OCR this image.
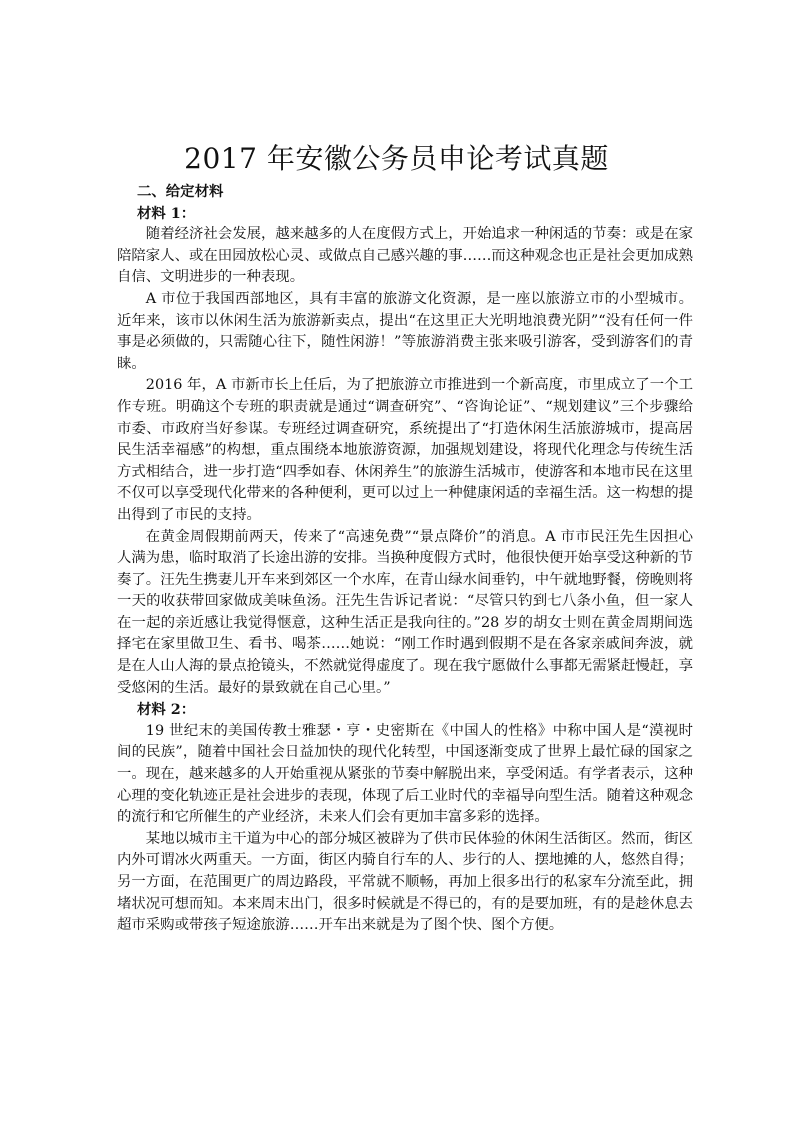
2017 年安徽公务员申论考试真题

二、给定材料

材料 1：

随着经济社会发展，越来越多的人在度假方式上，开始追求一种闲适的节奏：或是在家陪陪家人、或在田园放松心灵、或做点自己感兴趣的事……而这种观念也正是社会更加成熟自信、文明进步的一种表现。

A 市位于我国西部地区，具有丰富的旅游文化资源，是一座以旅游立市的小型城市。近年来，该市以休闲生活为旅游新卖点，提出“在这里正大光明地浪费光阴”“没有任何一件事是必须做的，只需随心往下，随性闲游！”等旅游消费主张来吸引游客，受到游客们的青睐。

2016 年，A 市新市长上任后，为了把旅游立市推进到一个新高度，市里成立了一个工作专班。明确这个专班的职责就是通过“调查研究”、“咨询论证”、“规划建议”三个步骤给市委、市政府当好参谋。专班经过调查研究，系统提出了“打造休闲生活旅游城市，提高居民生活幸福感”的构想，重点围绕本地旅游资源，加强规划建设，将现代化理念与传统生活方式相结合，进一步打造“四季如春、休闲养生”的旅游生活城市，使游客和本地市民在这里不仅可以享受现代化带来的各种便利，更可以过上一种健康闲适的幸福生活。这一构想的提出得到了市民的支持。

在黄金周假期前两天，传来了“高速免费”“景点降价”的消息。A 市市民汪先生因担心人满为患，临时取消了长途出游的安排。当换种度假方式时，他很快便开始享受这种新的节奏了。汪先生携妻儿开车来到郊区一个水库，在青山绿水间垂钓，中午就地野餐，傍晚则将一天的收获带回家做成美味鱼汤。汪先生告诉记者说：“尽管只钓到七八条小鱼，但一家人在一起的亲近感让我觉得惬意，这种生活正是我向往的。”28 岁的胡女士则在黄金周期间选择宅在家里做卫生、看书、喝茶……她说：“刚工作时遇到假期不是在各家亲戚间奔波，就是在人山人海的景点抢镜头，不然就觉得虚度了。现在我宁愿做什么事都无需紧赶慢赶，享受悠闲的生活。最好的景致就在自己心里。”

材料 2：

19 世纪末的美国传教士雅瑟・亨・史密斯在《中国人的性格》中称中国人是“漠视时间的民族”，随着中国社会日益加快的现代化转型，中国逐渐变成了世界上最忙碌的国家之一。现在，越来越多的人开始重视从紧张的节奏中解脱出来，享受闲适。有学者表示，这种心理的变化轨迹正是社会进步的表现，体现了后工业时代的幸福导向型生活。随着这种观念的流行和它所催生的产业经济，未来人们会有更加丰富多彩的选择。

某地以城市主干道为中心的部分城区被辟为了供市民体验的休闲生活街区。然而，街区内外可谓冰火两重天。一方面，街区内骑自行车的人、步行的人、摆地摊的人，悠然自得；另一方面，在范围更广的周边路段，平常就不顺畅，再加上很多出行的私家车分流至此，拥堵状况可想而知。本来周末出门，很多时候就是不得已的，有的是要加班，有的是趁休息去超市采购或带孩子短途旅游……开车出来就是为了图个快、图个方便。
